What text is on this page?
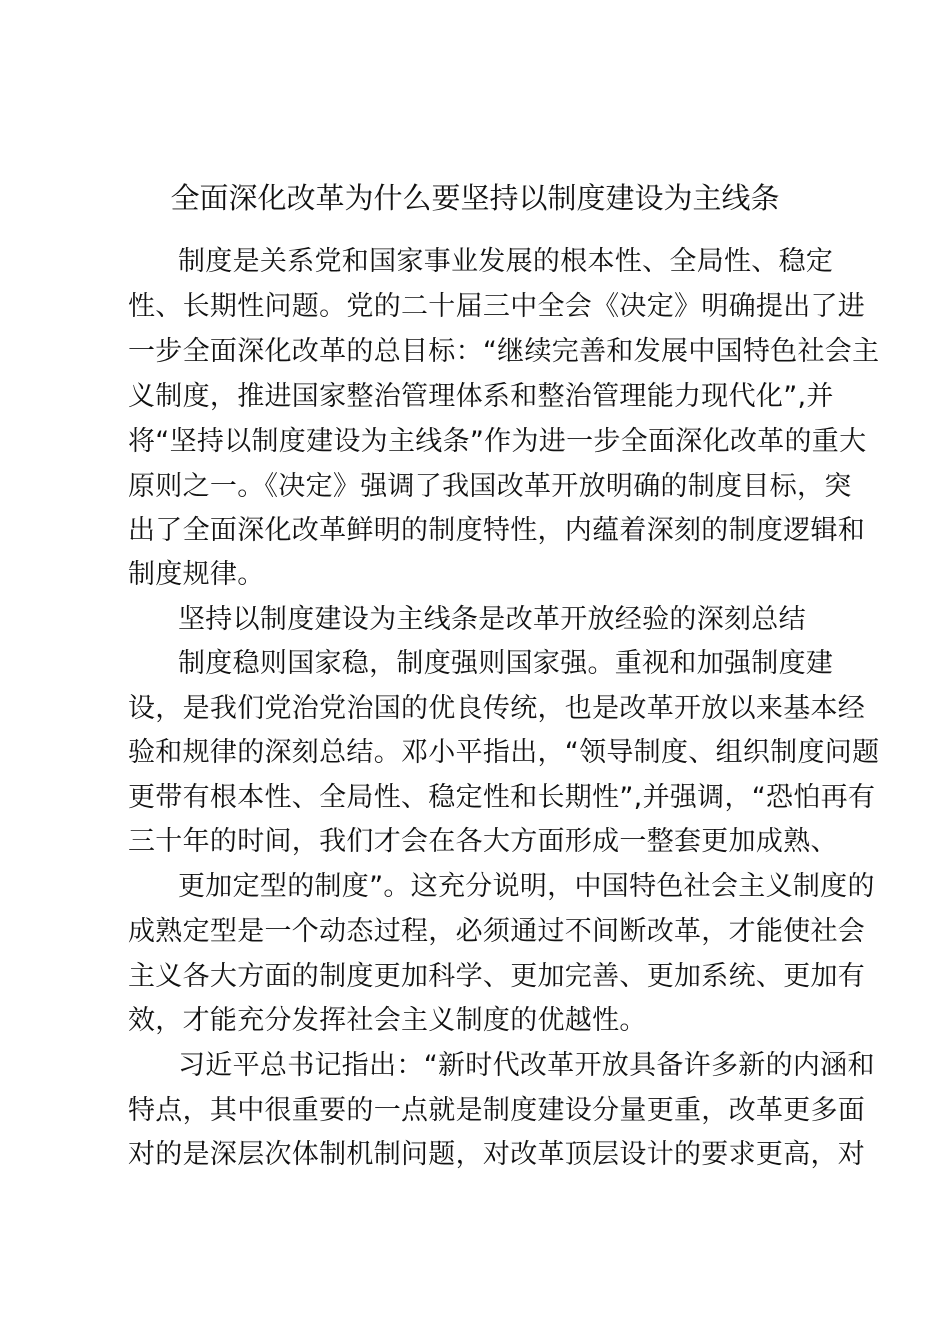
全面深化改革为什么要坚持以制度建设为主线条
制度是关系党和国家事业发展的根本性、全局性、稳定
性、长期性问题。党的二十届三中全会《决定》明确提出了进
一步全面深化改革的总目标：“继续完善和发展中国特色社会主
义制度，推进国家整治管理体系和整治管理能力现代化”,并
将“坚持以制度建设为主线条”作为进一步全面深化改革的重大
原则之一。《决定》强调了我国改革开放明确的制度目标，突
出了全面深化改革鲜明的制度特性，内蕴着深刻的制度逻辑和
制度规律。
坚持以制度建设为主线条是改革开放经验的深刻总结
制度稳则国家稳，制度强则国家强。重视和加强制度建
设，是我们党治党治国的优良传统，也是改革开放以来基本经
验和规律的深刻总结。邓小平指出，“领导制度、组织制度问题
更带有根本性、全局性、稳定性和长期性”,并强调，“恐怕再有
三十年的时间，我们才会在各大方面形成一整套更加成熟、
更加定型的制度”。这充分说明，中国特色社会主义制度的
成熟定型是一个动态过程，必须通过不间断改革，才能使社会
主义各大方面的制度更加科学、更加完善、更加系统、更加有
效，才能充分发挥社会主义制度的优越性。
习近平总书记指出：“新时代改革开放具备许多新的内涵和
特点，其中很重要的一点就是制度建设分量更重，改革更多面
对的是深层次体制机制问题，对改革顶层设计的要求更高，对
